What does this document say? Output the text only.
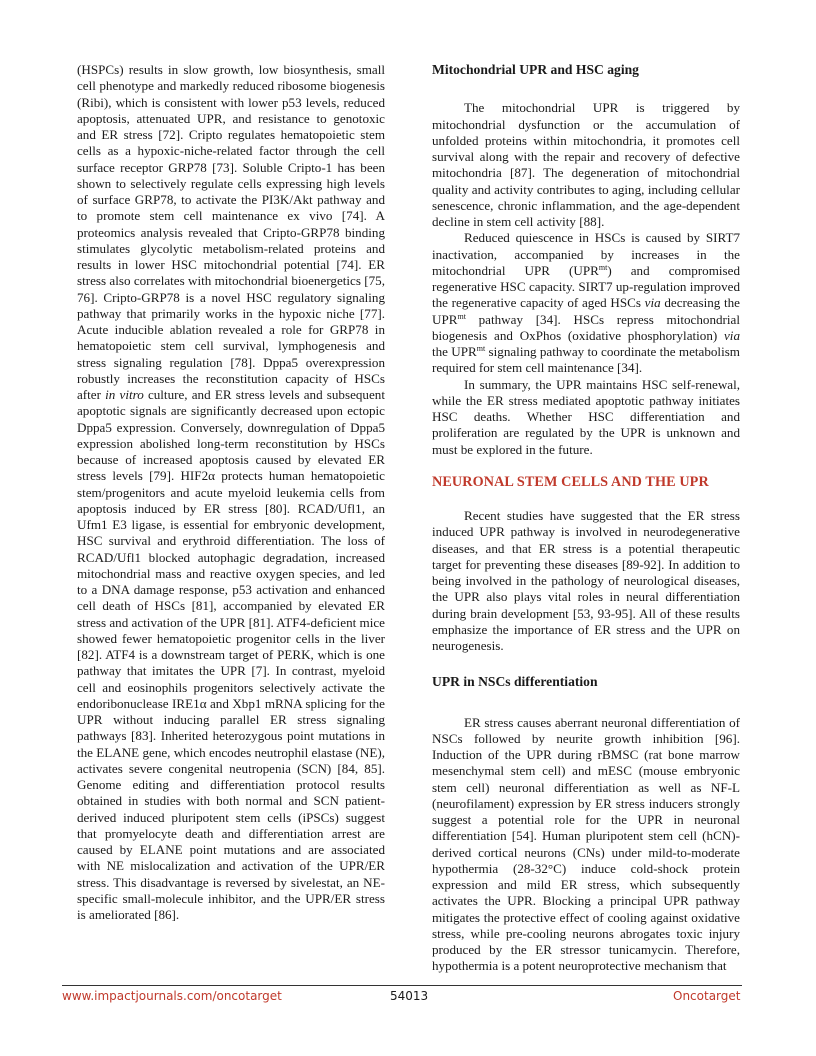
(HSPCs) results in slow growth, low biosynthesis, small cell phenotype and markedly reduced ribosome biogenesis (Ribi), which is consistent with lower p53 levels, reduced apoptosis, attenuated UPR, and resistance to genotoxic and ER stress [72]. Cripto regulates hematopoietic stem cells as a hypoxic-niche-related factor through the cell surface receptor GRP78 [73]. Soluble Cripto-1 has been shown to selectively regulate cells expressing high levels of surface GRP78, to activate the PI3K/Akt pathway and to promote stem cell maintenance ex vivo [74]. A proteomics analysis revealed that Cripto-GRP78 binding stimulates glycolytic metabolism-related proteins and results in lower HSC mitochondrial potential [74]. ER stress also correlates with mitochondrial bioenergetics [75, 76]. Cripto-GRP78 is a novel HSC regulatory signaling pathway that primarily works in the hypoxic niche [77]. Acute inducible ablation revealed a role for GRP78 in hematopoietic stem cell survival, lymphogenesis and stress signaling regulation [78]. Dppa5 overexpression robustly increases the reconstitution capacity of HSCs after in vitro culture, and ER stress levels and subsequent apoptotic signals are significantly decreased upon ectopic Dppa5 expression. Conversely, downregulation of Dppa5 expression abolished long-term reconstitution by HSCs because of increased apoptosis caused by elevated ER stress levels [79]. HIF2α protects human hematopoietic stem/progenitors and acute myeloid leukemia cells from apoptosis induced by ER stress [80]. RCAD/Ufl1, an Ufm1 E3 ligase, is essential for embryonic development, HSC survival and erythroid differentiation. The loss of RCAD/Ufl1 blocked autophagic degradation, increased mitochondrial mass and reactive oxygen species, and led to a DNA damage response, p53 activation and enhanced cell death of HSCs [81], accompanied by elevated ER stress and activation of the UPR [81]. ATF4-deficient mice showed fewer hematopoietic progenitor cells in the liver [82]. ATF4 is a downstream target of PERK, which is one pathway that imitates the UPR [7]. In contrast, myeloid cell and eosinophils progenitors selectively activate the endoribonuclease IRE1α and Xbp1 mRNA splicing for the UPR without inducing parallel ER stress signaling pathways [83]. Inherited heterozygous point mutations in the ELANE gene, which encodes neutrophil elastase (NE), activates severe congenital neutropenia (SCN) [84, 85]. Genome editing and differentiation protocol results obtained in studies with both normal and SCN patient-derived induced pluripotent stem cells (iPSCs) suggest that promyelocyte death and differentiation arrest are caused by ELANE point mutations and are associated with NE mislocalization and activation of the UPR/ER stress. This disadvantage is reversed by sivelestat, an NE-specific small-molecule inhibitor, and the UPR/ER stress is ameliorated [86].

Mitochondrial UPR and HSC aging

The mitochondrial UPR is triggered by mitochondrial dysfunction or the accumulation of unfolded proteins within mitochondria, it promotes cell survival along with the repair and recovery of defective mitochondria [87]. The degeneration of mitochondrial quality and activity contributes to aging, including cellular senescence, chronic inflammation, and the age-dependent decline in stem cell activity [88].

Reduced quiescence in HSCs is caused by SIRT7 inactivation, accompanied by increases in the mitochondrial UPR $(UPR^{mt})$ and compromised regenerative HSC capacity. SIRT7 up-regulation improved the regenerative capacity of aged HSCs via decreasing the $UPR^{mt}$ pathway [34]. HSCs repress mitochondrial biogenesis and OxPhos (oxidative phosphorylation) via the $UPR^{mt}$ signaling pathway to coordinate the metabolism required for stem cell maintenance [34].

In summary, the UPR maintains HSC self-renewal, while the ER stress mediated apoptotic pathway initiates HSC deaths. Whether HSC differentiation and proliferation are regulated by the UPR is unknown and must be explored in the future.

NEURONAL STEM CELLS AND THE UPR

Recent studies have suggested that the ER stress induced UPR pathway is involved in neurodegenerative diseases, and that ER stress is a potential therapeutic target for preventing these diseases [89-92]. In addition to being involved in the pathology of neurological diseases, the UPR also plays vital roles in neural differentiation during brain development [53, 93-95]. All of these results emphasize the importance of ER stress and the UPR on neurogenesis.

UPR in NSCs differentiation

ER stress causes aberrant neuronal differentiation of NSCs followed by neurite growth inhibition [96]. Induction of the UPR during rBMSC (rat bone marrow mesenchymal stem cell) and mESC (mouse embryonic stem cell) neuronal differentiation as well as NF-L (neurofilament) expression by ER stress inducers strongly suggest a potential role for the UPR in neuronal differentiation [54]. Human pluripotent stem cell (hCN)-derived cortical neurons (CNs) under mild-to-moderate hypothermia (28-32°C) induce cold-shock protein expression and mild ER stress, which subsequently activates the UPR. Blocking a principal UPR pathway mitigates the protective effect of cooling against oxidative stress, while pre-cooling neurons abrogates toxic injury produced by the ER stressor tunicamycin. Therefore, hypothermia is a potent neuroprotective mechanism that

www.impactjournals.com/oncotarget	54013	Oncotarget
